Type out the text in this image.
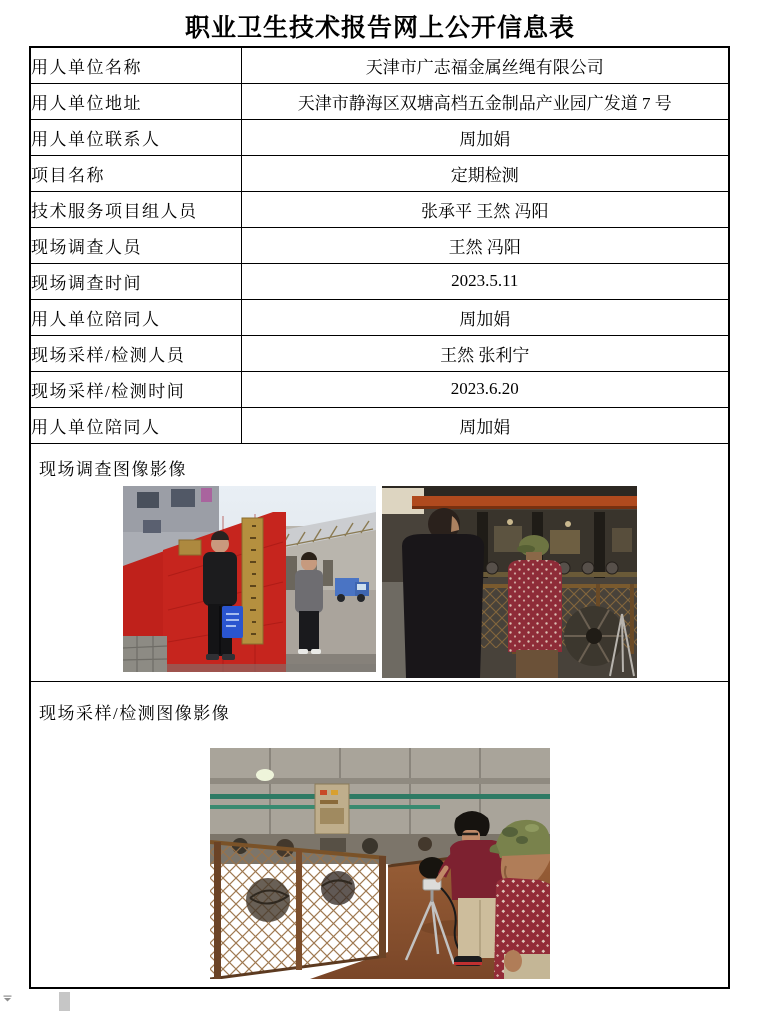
职业卫生技术报告网上公开信息表
用人单位名称	天津市广志福金属丝绳有限公司
用人单位地址	天津市静海区双塘高档五金制品产业园广发道 7 号
用人单位联系人	周加娟
项目名称	定期检测
技术服务项目组人员	张承平 王然 冯阳
现场调查人员	王然 冯阳
现场调查时间	2023.5.11
用人单位陪同人	周加娟
现场采样/检测人员	王然 张利宁
现场采样/检测时间	2023.6.20
用人单位陪同人	周加娟

现场调查图像影像	

现场采样/检测图像影像	
